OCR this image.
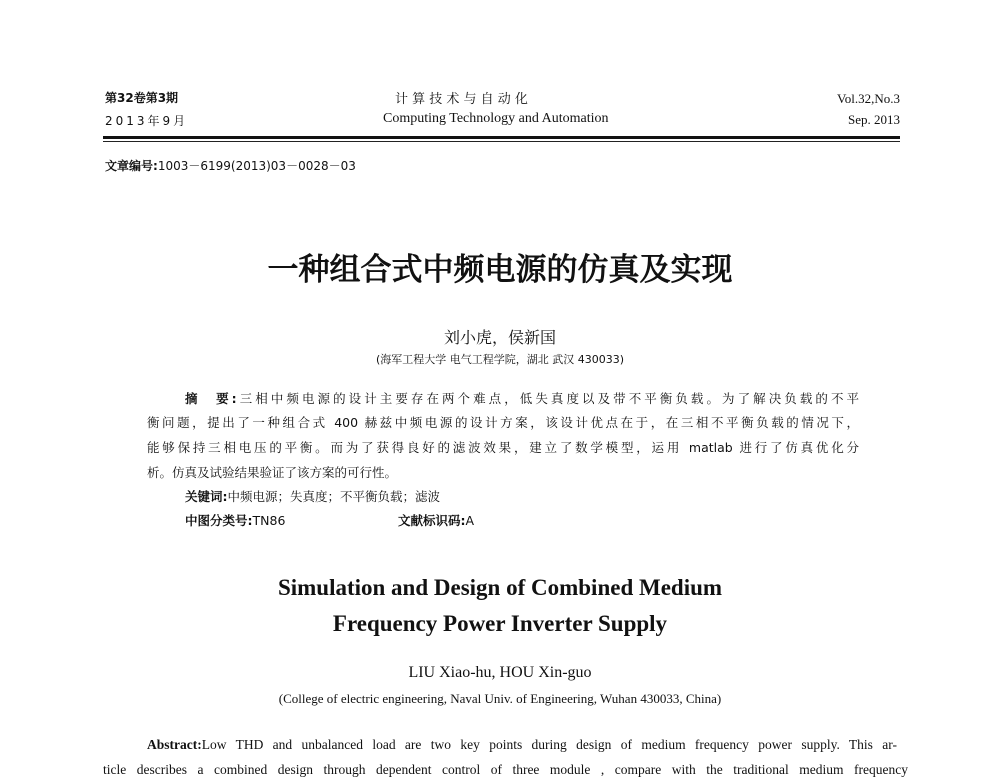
第32卷第3期
2013年9月
计 算 技 术 与 自 动 化
Computing Technology and Automation
Vol.32,No.3
Sep. 2013
文章编号:1003－6199(2013)03－0028－03
一种组合式中频电源的仿真及实现
刘小虎，侯新国
(海军工程大学 电气工程学院，湖北 武汉 430033)
摘　要:三相中频电源的设计主要存在两个难点，低失真度以及带不平衡负载。为了解决负载的不平
衡问题，提出了一种组合式 400 赫兹中频电源的设计方案，该设计优点在于，在三相不平衡负载的情况下，
能够保持三相电压的平衡。而为了获得良好的滤波效果，建立了数学模型，运用 matlab 进行了仿真优化分
析。仿真及试验结果验证了该方案的可行性。
关键词:中频电源；失真度；不平衡负载；滤波
中图分类号:TN86	文献标识码:A
Simulation and Design of Combined Medium
Frequency Power Inverter Supply
LIU Xiao-hu, HOU Xin-guo
(College of electric engineering, Naval Univ. of Engineering, Wuhan 430033, China)
Abstract:Low THD and unbalanced load are two key points during design of medium frequency power supply. This ar-
ticle describes a combined design through dependent control of three module , compare with the traditional medium frequency
